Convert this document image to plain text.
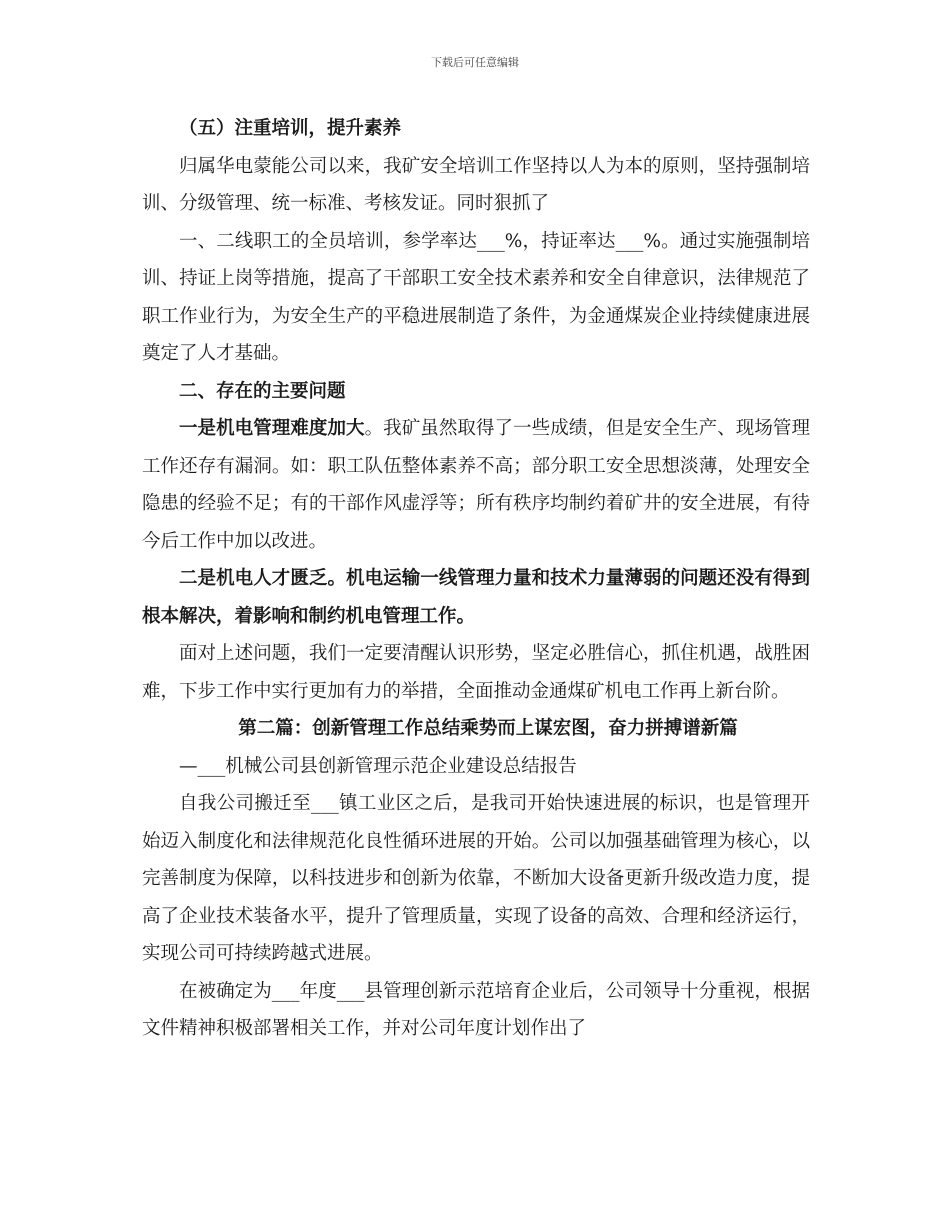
下载后可任意编辑

（五）注重培训，提升素养

归属华电蒙能公司以来，我矿安全培训工作坚持以人为本的原则，坚持强制培训、分级管理、统一标准、考核发证。同时狠抓了

一、二线职工的全员培训，参学率达___%，持证率达___%。通过实施强制培训、持证上岗等措施，提高了干部职工安全技术素养和安全自律意识，法律规范了职工作业行为，为安全生产的平稳进展制造了条件，为金通煤炭企业持续健康进展奠定了人才基础。

二、存在的主要问题

一是机电管理难度加大。我矿虽然取得了一些成绩，但是安全生产、现场管理工作还存有漏洞。如：职工队伍整体素养不高；部分职工安全思想淡薄，处理安全隐患的经验不足；有的干部作风虚浮等；所有秩序均制约着矿井的安全进展，有待今后工作中加以改进。

二是机电人才匮乏。机电运输一线管理力量和技术力量薄弱的问题还没有得到根本解决，着影响和制约机电管理工作。

面对上述问题，我们一定要清醒认识形势，坚定必胜信心，抓住机遇，战胜困难，下步工作中实行更加有力的举措，全面推动金通煤矿机电工作再上新台阶。

第二篇：创新管理工作总结乘势而上谋宏图，奋力拼搏谱新篇

—___机械公司县创新管理示范企业建设总结报告

自我公司搬迁至___镇工业区之后，是我司开始快速进展的标识，也是管理开始迈入制度化和法律规范化良性循环进展的开始。公司以加强基础管理为核心，以完善制度为保障，以科技进步和创新为依靠，不断加大设备更新升级改造力度，提高了企业技术装备水平，提升了管理质量，实现了设备的高效、合理和经济运行，实现公司可持续跨越式进展。

在被确定为___年度___县管理创新示范培育企业后，公司领导十分重视，根据文件精神积极部署相关工作，并对公司年度计划作出了
